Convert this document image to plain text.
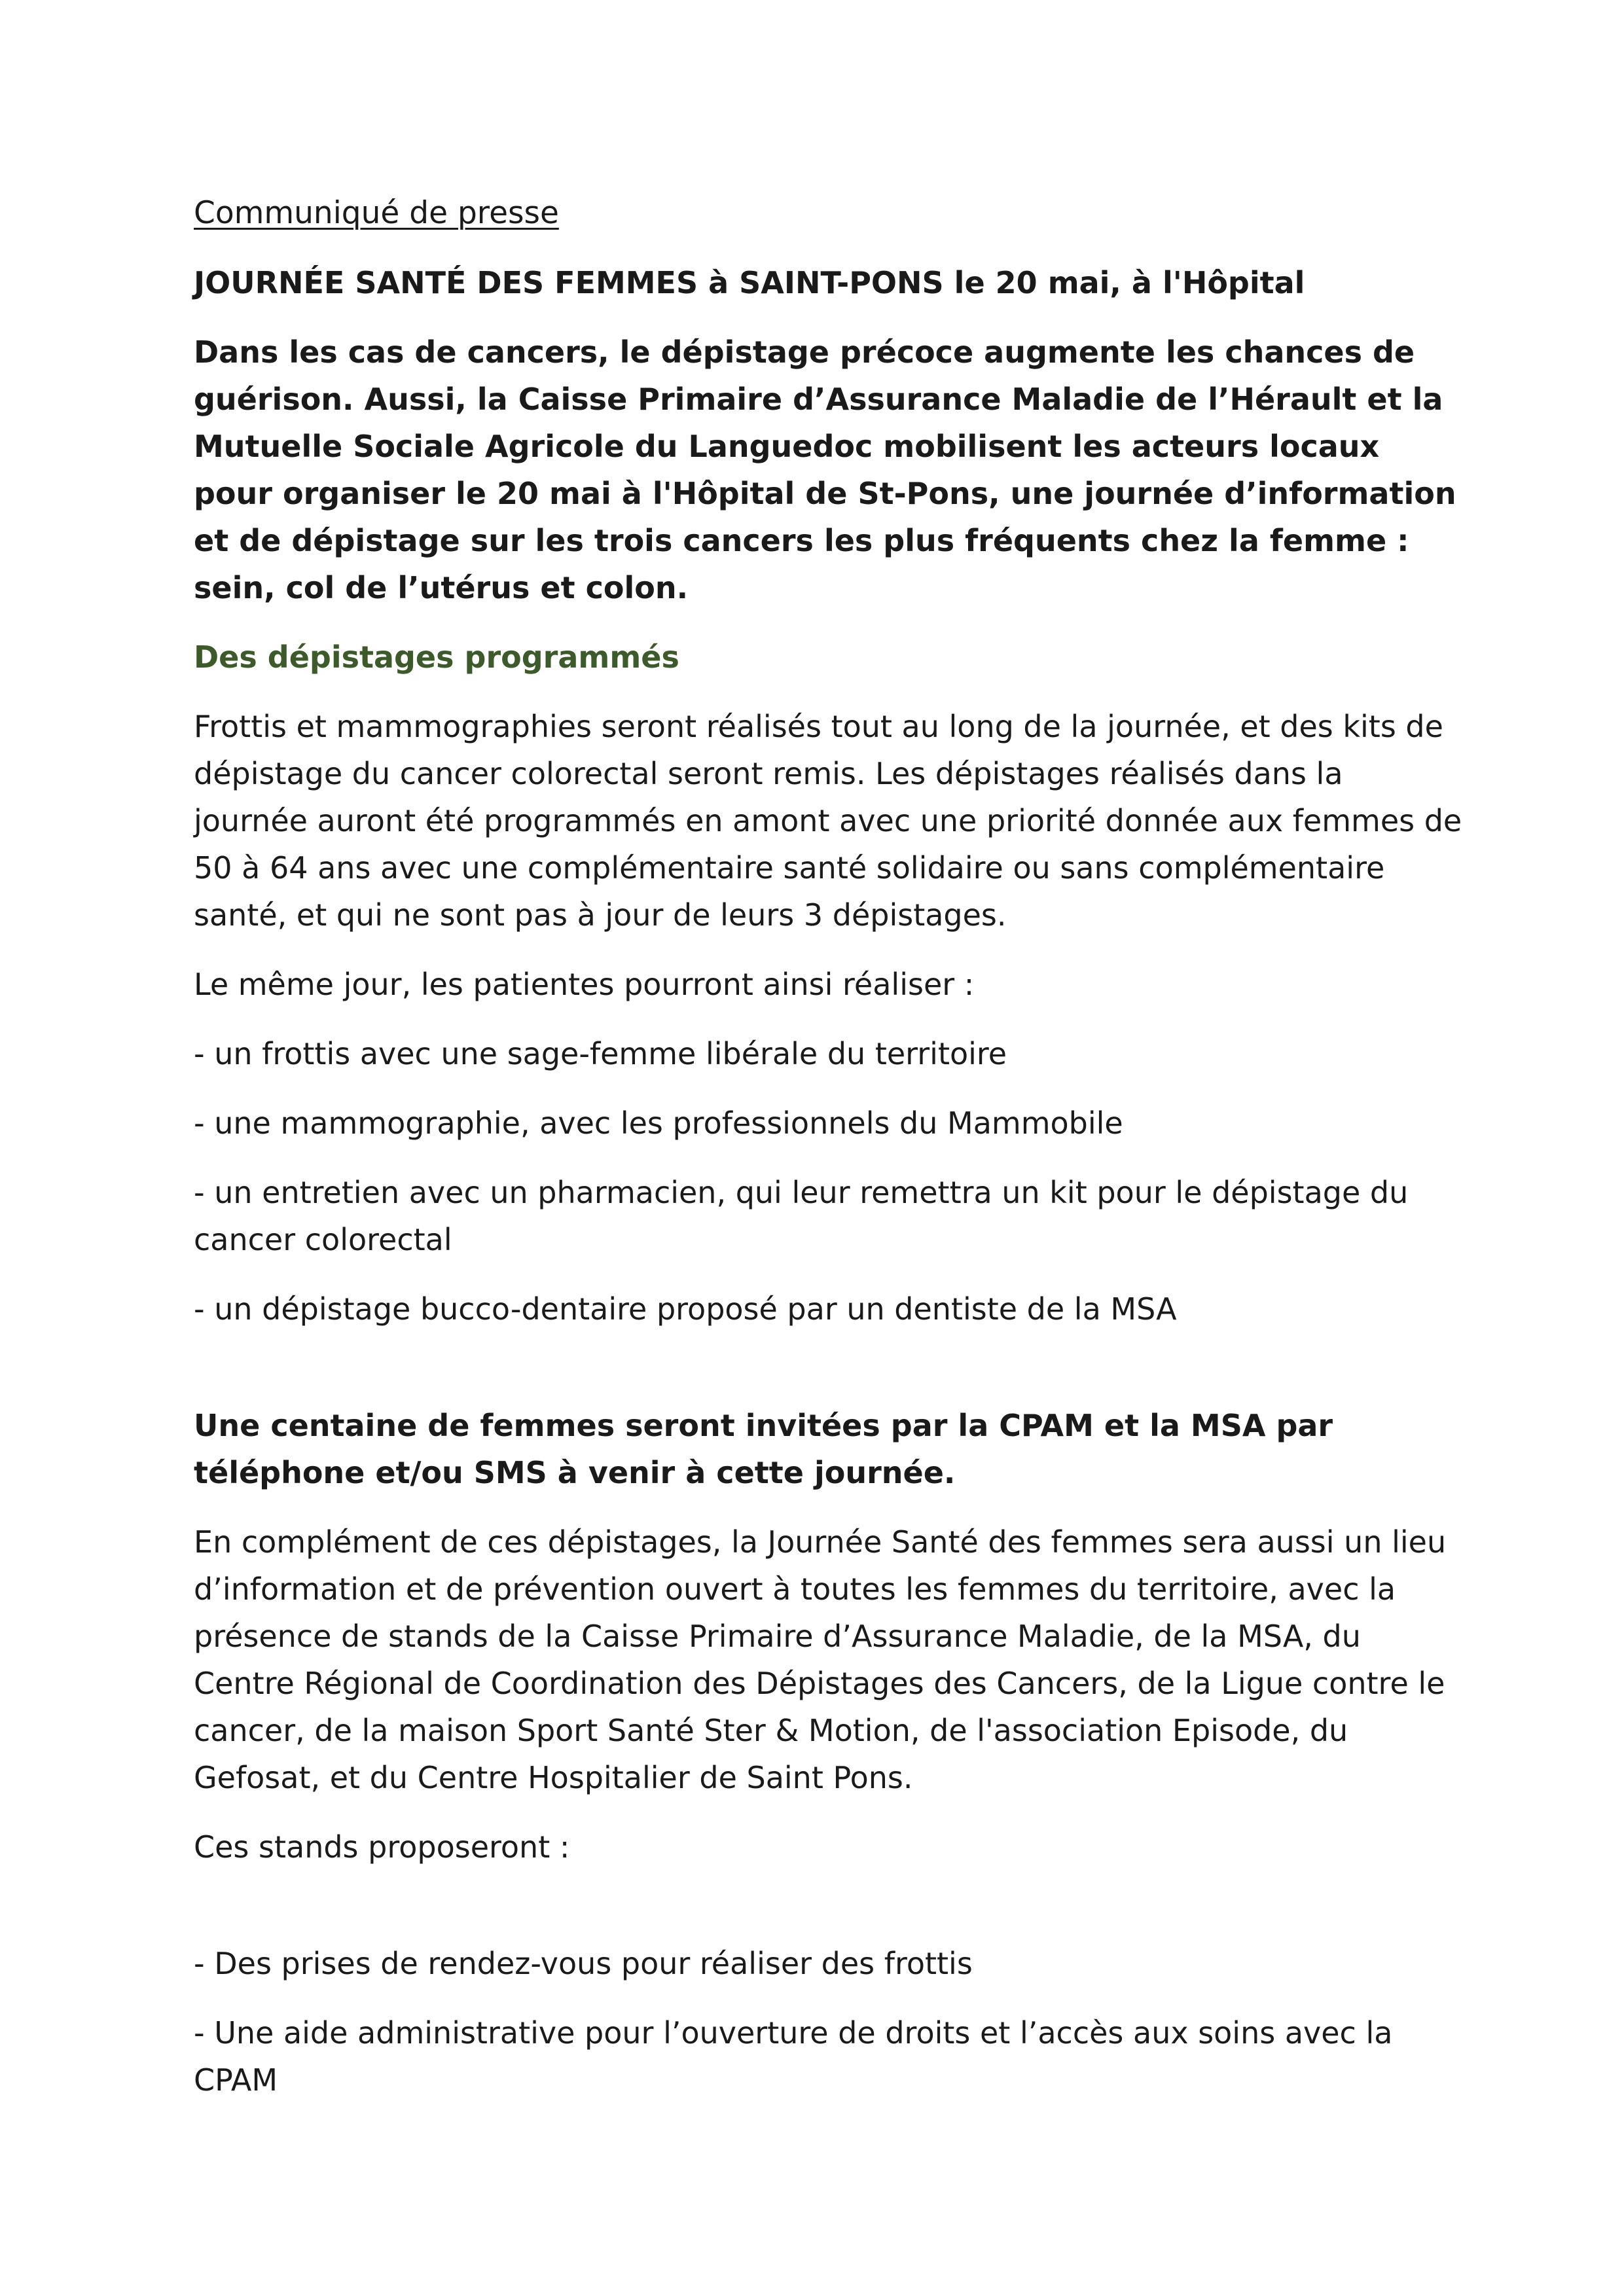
Communiqué de presse

JOURNÉE SANTÉ DES FEMMES à SAINT-PONS le 20 mai, à l'Hôpital

Dans les cas de cancers, le dépistage précoce augmente les chances de guérison. Aussi, la Caisse Primaire d’Assurance Maladie de l’Hérault et la Mutuelle Sociale Agricole du Languedoc mobilisent les acteurs locaux pour organiser le 20 mai à l'Hôpital de St-Pons, une journée d’information et de dépistage sur les trois cancers les plus fréquents chez la femme : sein, col de l’utérus et colon.

Des dépistages programmés

Frottis et mammographies seront réalisés tout au long de la journée, et des kits de dépistage du cancer colorectal seront remis. Les dépistages réalisés dans la journée auront été programmés en amont avec une priorité donnée aux femmes de 50 à 64 ans avec une complémentaire santé solidaire ou sans complémentaire santé, et qui ne sont pas à jour de leurs 3 dépistages.

Le même jour, les patientes pourront ainsi réaliser :

- un frottis avec une sage-femme libérale du territoire

- une mammographie, avec les professionnels du Mammobile

- un entretien avec un pharmacien, qui leur remettra un kit pour le dépistage du cancer colorectal

- un dépistage bucco-dentaire proposé par un dentiste de la MSA

Une centaine de femmes seront invitées par la CPAM et la MSA par téléphone et/ou SMS à venir à cette journée.

En complément de ces dépistages, la Journée Santé des femmes sera aussi un lieu d’information et de prévention ouvert à toutes les femmes du territoire, avec la présence de stands de la Caisse Primaire d’Assurance Maladie, de la MSA, du Centre Régional de Coordination des Dépistages des Cancers, de la Ligue contre le cancer, de la maison Sport Santé Ster & Motion, de l'association Episode, du Gefosat, et du Centre Hospitalier de Saint Pons.

Ces stands proposeront :

- Des prises de rendez-vous pour réaliser des frottis

- Une aide administrative pour l’ouverture de droits et l’accès aux soins avec la CPAM
